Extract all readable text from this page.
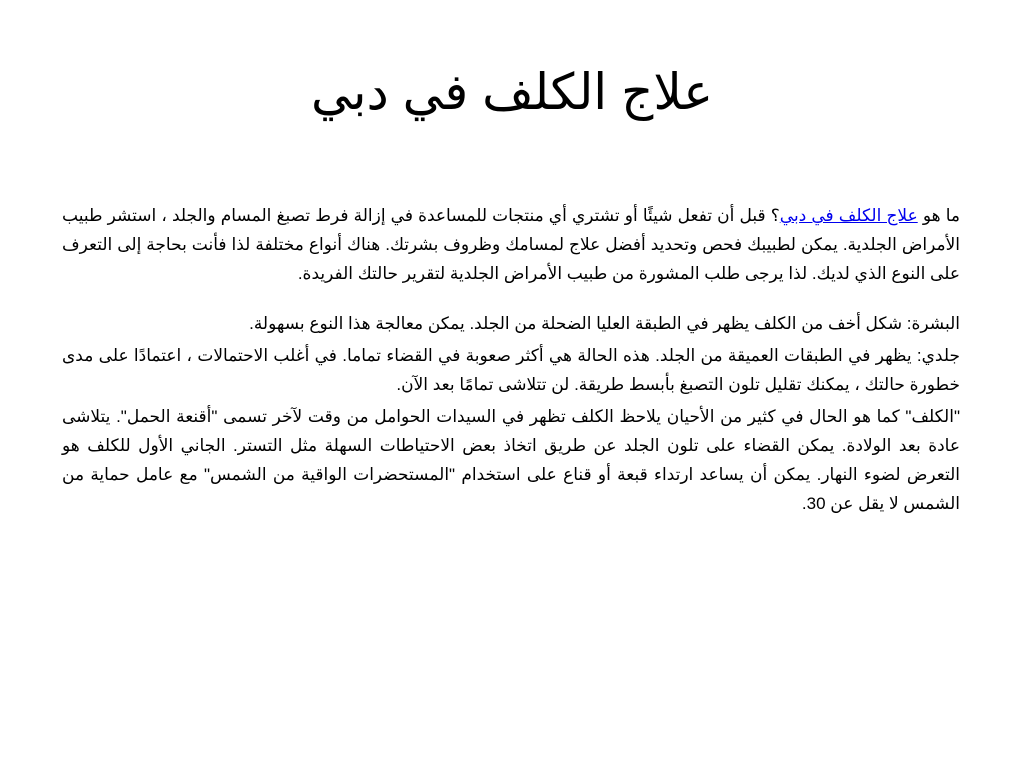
علاج الكلف في دبي

ما هو علاج الكلف في دبي؟ قبل أن تفعل شيئًا أو تشتري أي منتجات للمساعدة في إزالة فرط تصبغ المسام والجلد ، استشر طبيب الأمراض الجلدية. يمكن لطبيبك فحص وتحديد أفضل علاج لمسامك وظروف بشرتك. هناك أنواع مختلفة لذا فأنت بحاجة إلى التعرف على النوع الذي لديك. لذا يرجى طلب المشورة من طبيب الأمراض الجلدية لتقرير حالتك الفريدة.

البشرة: شكل أخف من الكلف يظهر في الطبقة العليا الضحلة من الجلد. يمكن معالجة هذا النوع بسهولة.

جلدي: يظهر في الطبقات العميقة من الجلد. هذه الحالة هي أكثر صعوبة في القضاء تماما. في أغلب الاحتمالات ، اعتمادًا على مدى خطورة حالتك ، يمكنك تقليل تلون التصبغ بأبسط طريقة. لن تتلاشى تمامًا بعد الآن.

"الكلف" كما هو الحال في كثير من الأحيان يلاحظ الكلف تظهر في السيدات الحوامل من وقت لآخر تسمى "أقنعة الحمل". يتلاشى عادة بعد الولادة. يمكن القضاء على تلون الجلد عن طريق اتخاذ بعض الاحتياطات السهلة مثل التستر. الجاني الأول للكلف هو التعرض لضوء النهار. يمكن أن يساعد ارتداء قبعة أو قناع على استخدام "المستحضرات الواقية من الشمس" مع عامل حماية من الشمس لا يقل عن 30.
